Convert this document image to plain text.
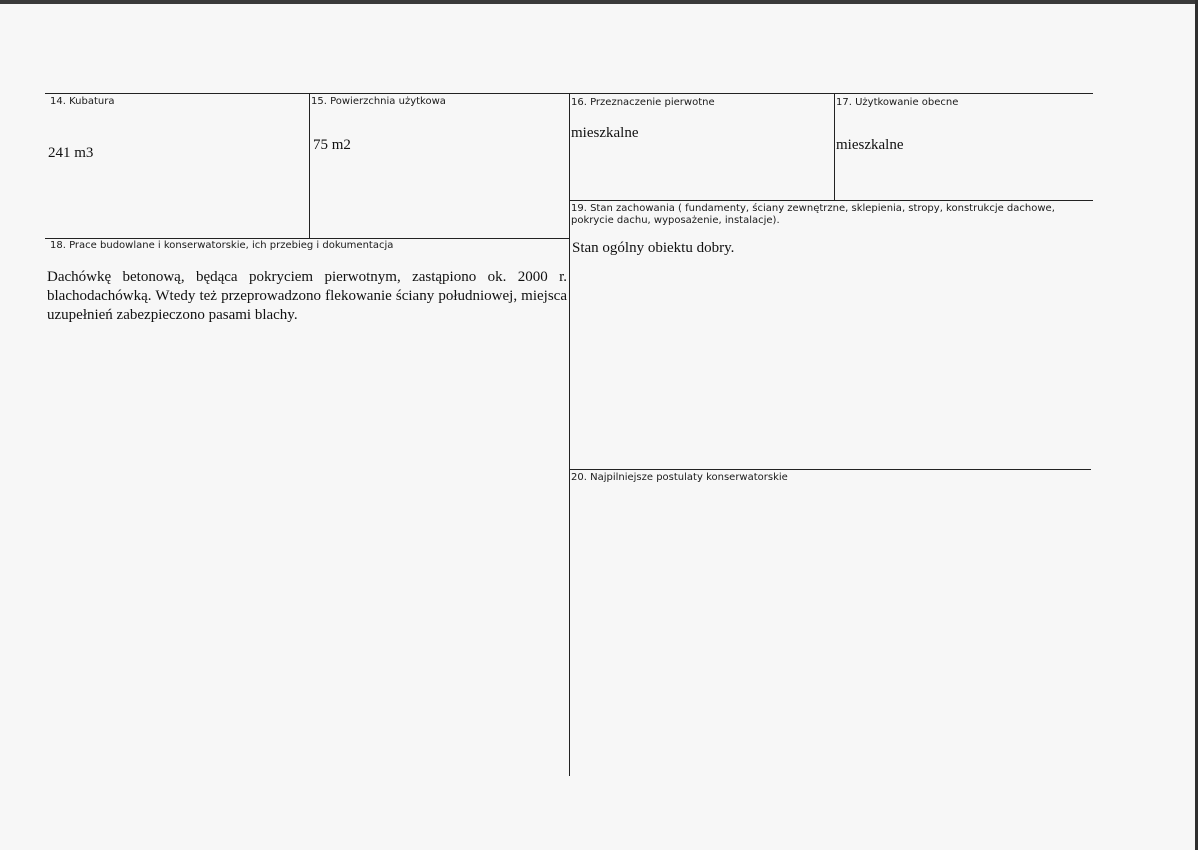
14. Kubatura
241 m3
15. Powierzchnia użytkowa
75 m2
16. Przeznaczenie pierwotne
mieszkalne
17. Użytkowanie obecne
mieszkalne
19. Stan zachowania ( fundamenty, ściany zewnętrzne, sklepienia, stropy, konstrukcje dachowe, pokrycie dachu, wyposażenie, instalacje).
Stan ogólny obiektu dobry.
18. Prace budowlane i konserwatorskie, ich przebieg i dokumentacja
Dachówkę betonową, będąca pokryciem pierwotnym, zastąpiono ok. 2000 r. blachodachówką. Wtedy też przeprowadzono flekowanie ściany południowej, miejsca uzupełnień zabezpieczono pasami blachy.
20. Najpilniejsze postulaty konserwatorskie
